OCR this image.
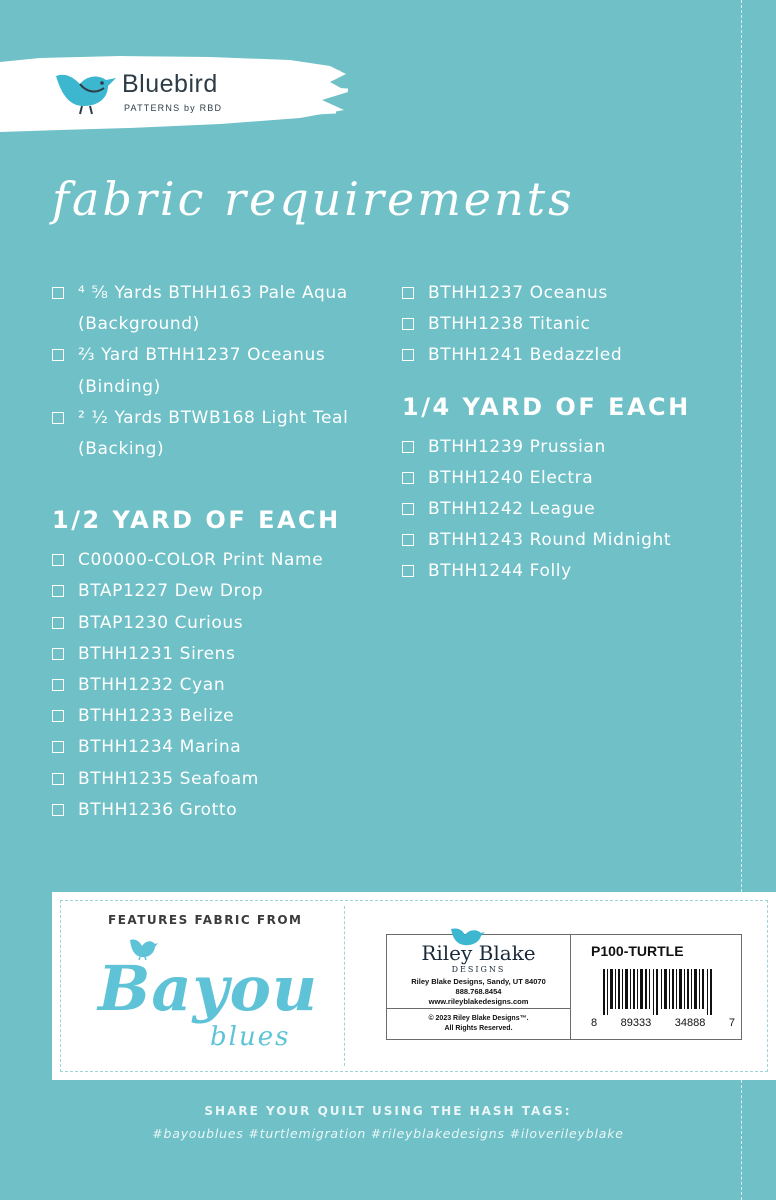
Bluebird
PATTERNS by RBD
fabric requirements
⁴ ⅝ Yards BTHH163 Pale Aqua (Background)
⅔ Yard BTHH1237 Oceanus (Binding)
² ½ Yards BTWB168 Light Teal (Backing)
1/2 YARD OF EACH
C00000-COLOR Print Name
BTAP1227 Dew Drop
BTAP1230 Curious
BTHH1231 Sirens
BTHH1232 Cyan
BTHH1233 Belize
BTHH1234 Marina
BTHH1235 Seafoam
BTHH1236 Grotto
BTHH1237 Oceanus
BTHH1238 Titanic
BTHH1241 Bedazzled
1/4 YARD OF EACH
BTHH1239 Prussian
BTHH1240 Electra
BTHH1242 League
BTHH1243 Round Midnight
BTHH1244 Folly
FEATURES FABRIC FROM
Bayou
blues
Riley Blake
DESIGNS
Riley Blake Designs, Sandy, UT 84070
888.768.8454
www.rileyblakedesigns.com
© 2023 Riley Blake Designs™.
All Rights Reserved.
P100-TURTLE
8 89333 34888 7
SHARE YOUR QUILT USING THE HASH TAGS:
#bayoublues #turtlemigration #rileyblakedesigns #iloverileyblake
